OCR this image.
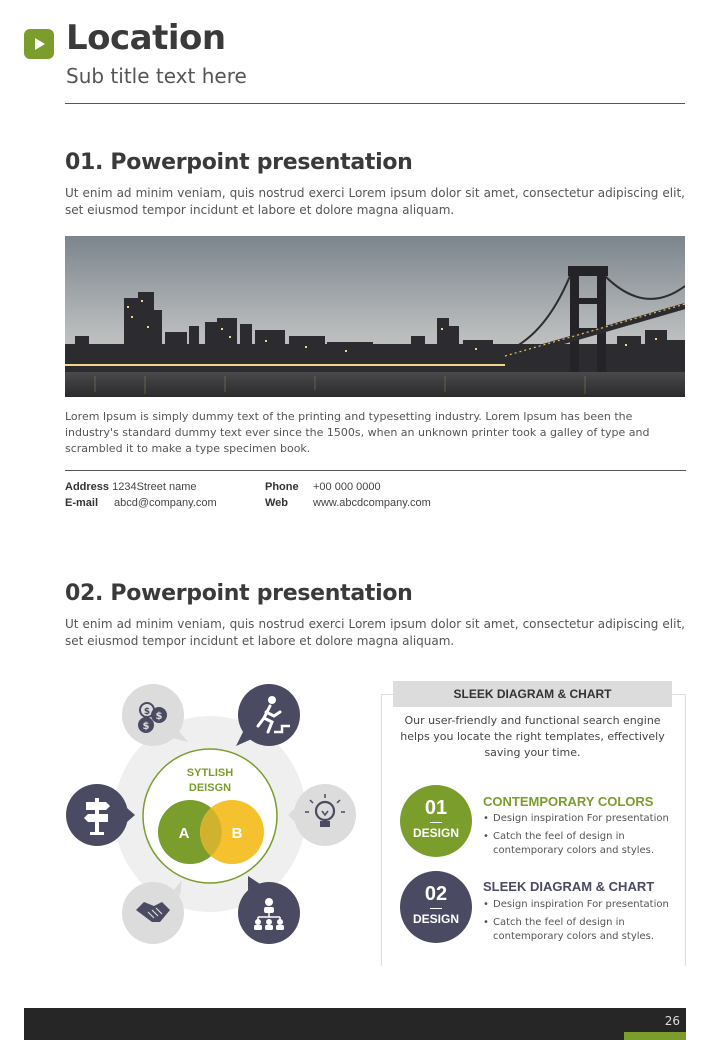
Location
Sub title text here
01. Powerpoint presentation
Ut enim ad minim veniam, quis nostrud exerci Lorem ipsum dolor sit amet, consectetur adipiscing elit, set eiusmod tempor incidunt et labore et dolore magna aliquam.
Lorem Ipsum is simply dummy text of the printing and typesetting industry. Lorem Ipsum has been the industry's standard dummy text ever since the 1500s, when an unknown printer took a galley of type and scrambled it to make a type specimen book.
Address 1234Street name
E-mail abcd@company.com
Phone +00 000 0000
Web www.abcdcompany.com
02. Powerpoint presentation
Ut enim ad minim veniam, quis nostrud exerci Lorem ipsum dolor sit amet, consectetur adipiscing elit, set eiusmod tempor incidunt et labore et dolore magna aliquam.
$
$
$
A	B
SYTLISH
DEISGN
SLEEK DIAGRAM & CHART
Our user-friendly and functional search engine helps you locate the right templates, effectively saving your time.
01
DESIGN
CONTEMPORARY COLORS
• Design inspiration For presentation
• Catch the feel of design in contemporary colors and styles.
02
DESIGN
SLEEK DIAGRAM & CHART
• Design inspiration For presentation
• Catch the feel of design in contemporary colors and styles.
26
